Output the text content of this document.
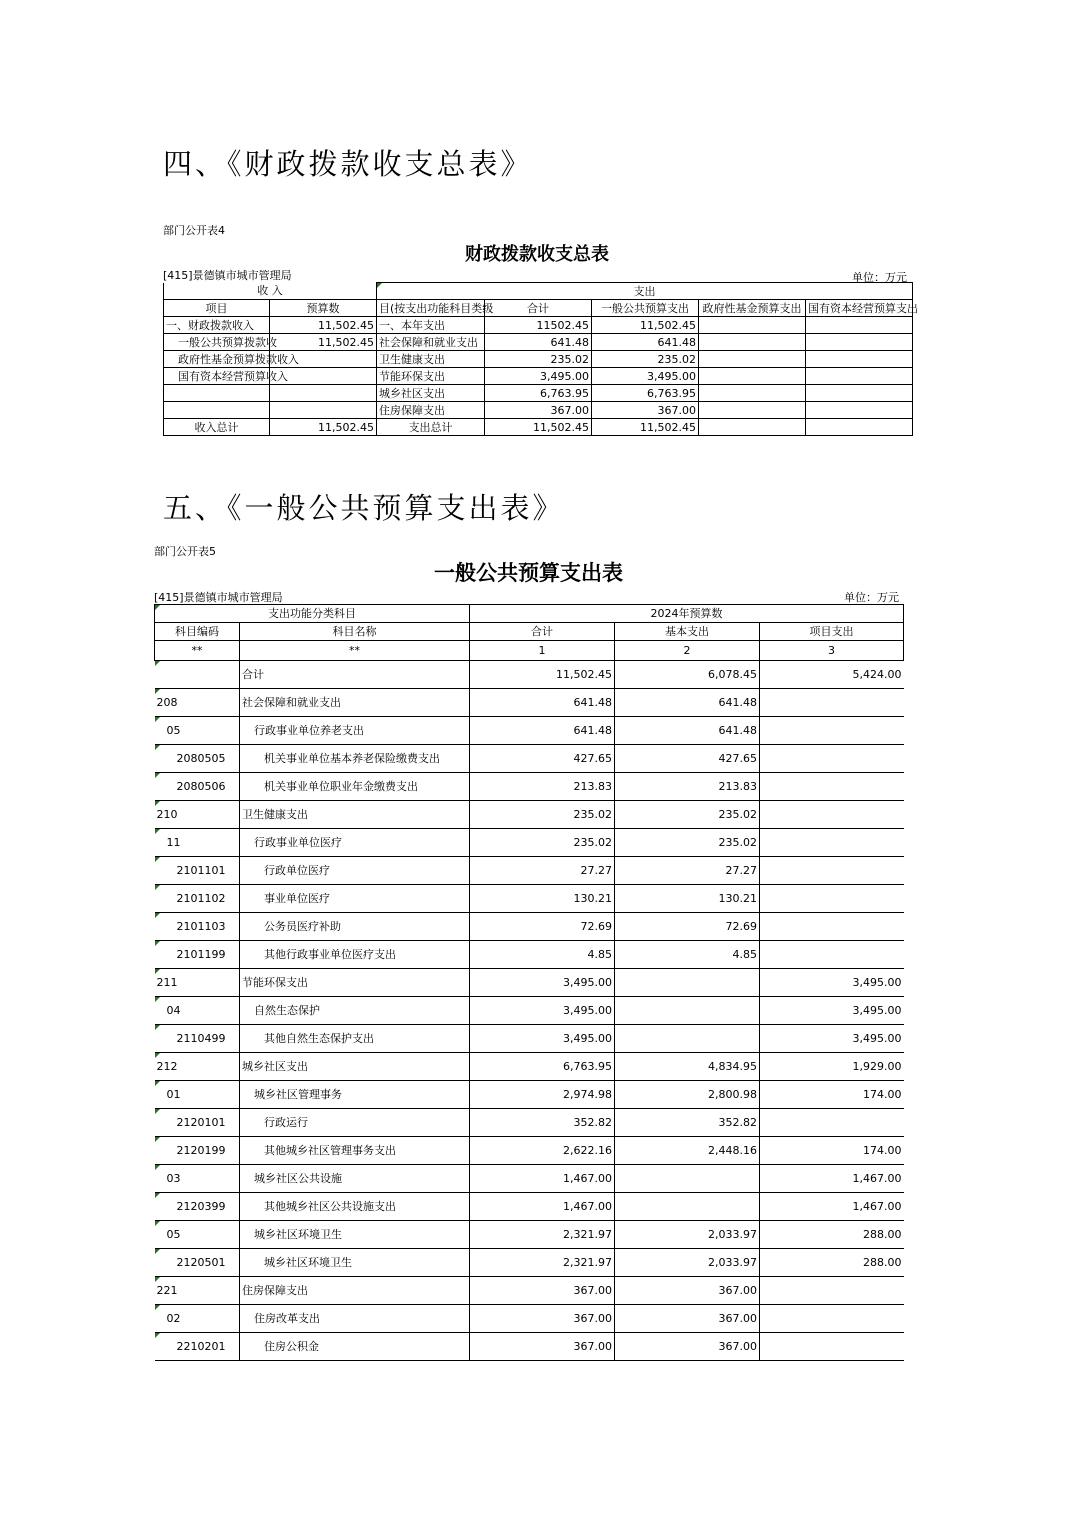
四、《财政拨款收支总表》
部门公开表4
财政拨款收支总表
[415]景德镇市城市管理局	单位：万元
收 入		支出				
项目	预算数	目(按支出功能科目类级	合计	一般公共预算支出	政府性基金预算支出	国有资本经营预算支出
一、财政拨款收入	11,502.45	一、本年支出	11502.45	11,502.45		
一般公共预算拨款收	11,502.45	社会保障和就业支出	641.48	641.48		
政府性基金预算拨款收入		卫生健康支出	235.02	235.02		
国有资本经营预算收入		节能环保支出	3,495.00	3,495.00		
		城乡社区支出	6,763.95	6,763.95		
		住房保障支出	367.00	367.00		
收入总计	11,502.45	支出总计	11,502.45	11,502.45		
五、《一般公共预算支出表》
部门公开表5
一般公共预算支出表
[415]景德镇市城市管理局	单位：万元
支出功能分类科目		2024年预算数		
科目编码	科目名称	合计	基本支出	项目支出
**	**	1	2	3
	合计	11,502.45	6,078.45	5,424.00
208	社会保障和就业支出	641.48	641.48	
05	行政事业单位养老支出	641.48	641.48	
2080505	机关事业单位基本养老保险缴费支出	427.65	427.65	
2080506	机关事业单位职业年金缴费支出	213.83	213.83	
210	卫生健康支出	235.02	235.02	
11	行政事业单位医疗	235.02	235.02	
2101101	行政单位医疗	27.27	27.27	
2101102	事业单位医疗	130.21	130.21	
2101103	公务员医疗补助	72.69	72.69	
2101199	其他行政事业单位医疗支出	4.85	4.85	
211	节能环保支出	3,495.00		3,495.00
04	自然生态保护	3,495.00		3,495.00
2110499	其他自然生态保护支出	3,495.00		3,495.00
212	城乡社区支出	6,763.95	4,834.95	1,929.00
01	城乡社区管理事务	2,974.98	2,800.98	174.00
2120101	行政运行	352.82	352.82	
2120199	其他城乡社区管理事务支出	2,622.16	2,448.16	174.00
03	城乡社区公共设施	1,467.00		1,467.00
2120399	其他城乡社区公共设施支出	1,467.00		1,467.00
05	城乡社区环境卫生	2,321.97	2,033.97	288.00
2120501	城乡社区环境卫生	2,321.97	2,033.97	288.00
221	住房保障支出	367.00	367.00	
02	住房改革支出	367.00	367.00	
2210201	住房公积金	367.00	367.00	
